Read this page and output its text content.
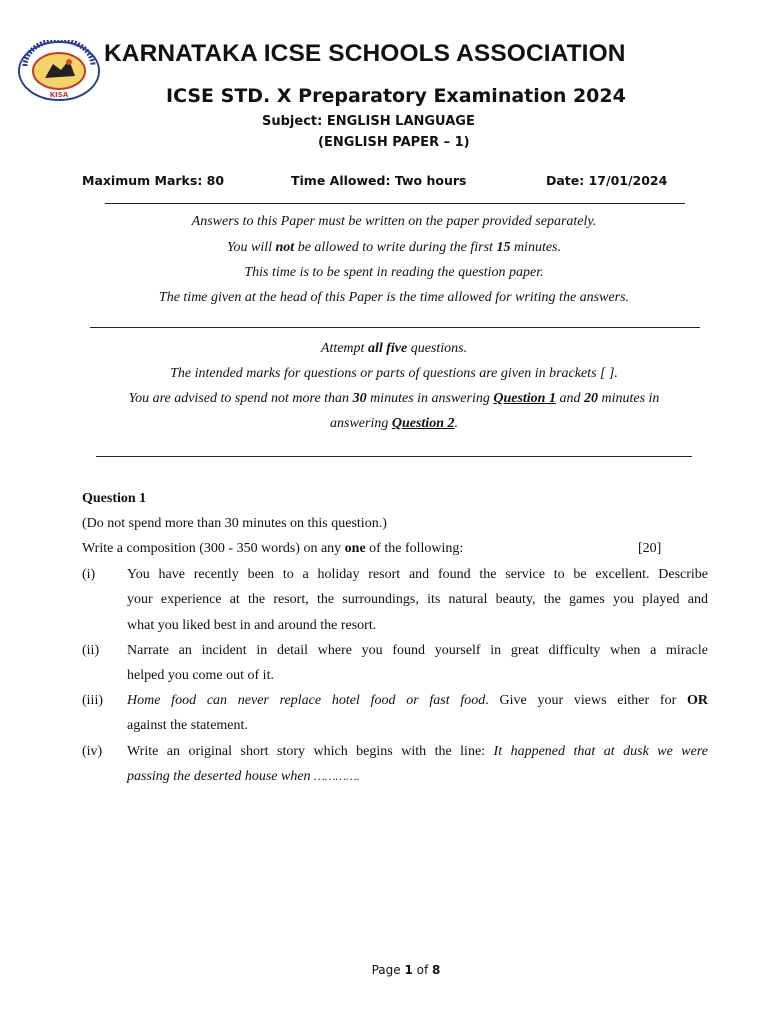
KISA
KARNATAKA ICSE SCHOOLS ASSOCIATION
ICSE STD. X Preparatory Examination 2024
Subject: ENGLISH LANGUAGE
(ENGLISH PAPER – 1)
Maximum Marks: 80	Time Allowed: Two hours	Date: 17/01/2024
Answers to this Paper must be written on the paper provided separately.
You will not be allowed to write during the first 15 minutes.
This time is to be spent in reading the question paper.
The time given at the head of this Paper is the time allowed for writing the answers.
Attempt all five questions.
The intended marks for questions or parts of questions are given in brackets [ ].
You are advised to spend not more than 30 minutes in answering Question 1 and 20 minutes in
answering Question 2.
Question 1
(Do not spend more than 30 minutes on this question.)
Write a composition (300 - 350 words) on any one of the following:	[20]
(i) You have recently been to a holiday resort and found the service to be excellent. Describe
your experience at the resort, the surroundings, its natural beauty, the games you played and
what you liked best in and around the resort.
(ii) Narrate an incident in detail where you found yourself in great difficulty when a miracle
helped you come out of it.
(iii) Home food can never replace hotel food or fast food. Give your views either for OR
against the statement.
(iv) Write an original short story which begins with the line: It happened that at dusk we were
passing the deserted house when ………….
Page 1 of 8
